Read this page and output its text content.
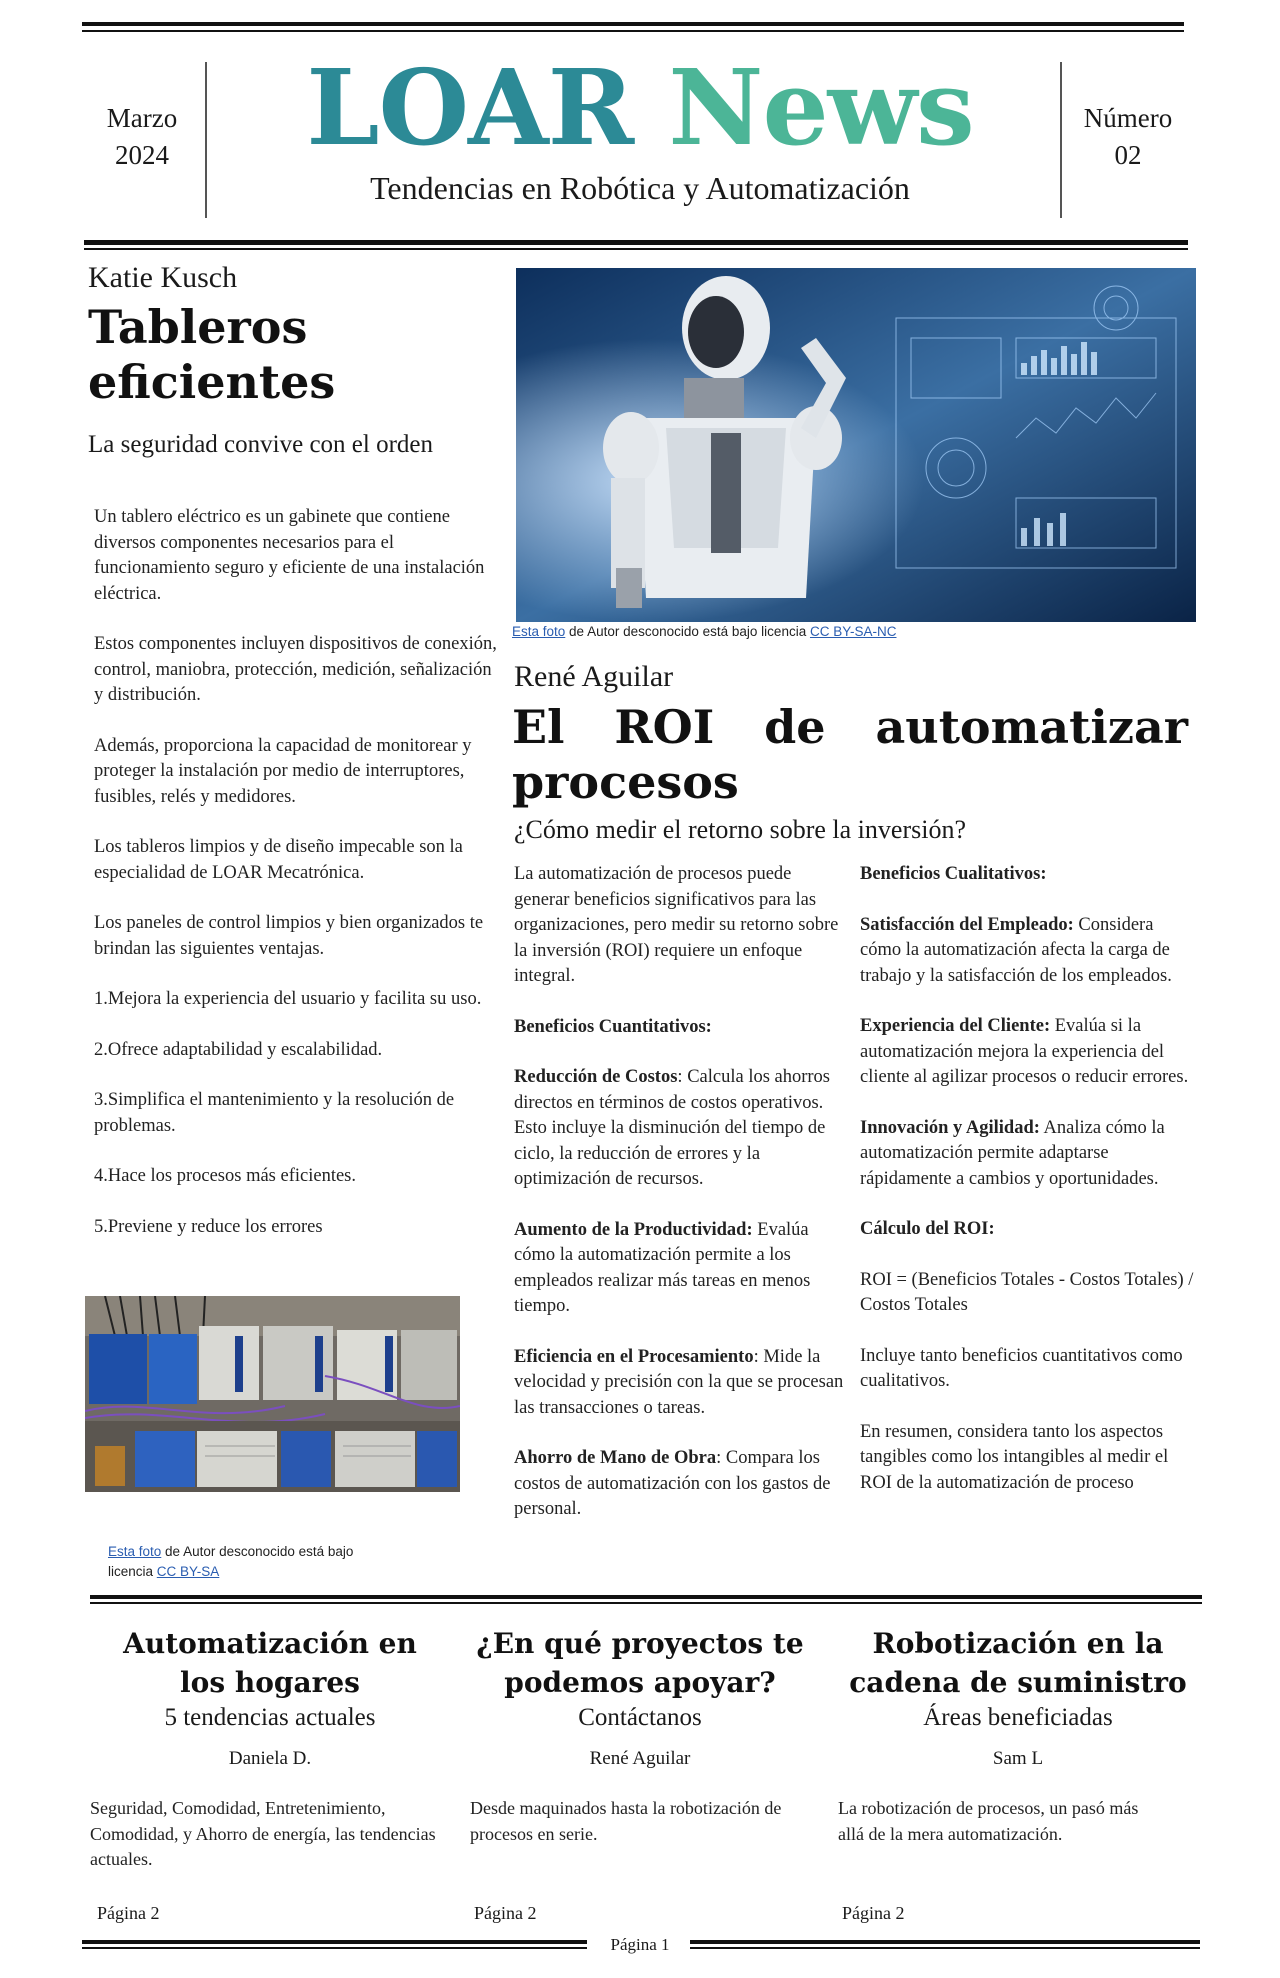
Marzo
2024	LOAR News
Tendencias en Robótica y Automatización
Número
02
Katie Kusch
Tableros
eficientes
La seguridad convive con el orden

Un tablero eléctrico es un gabinete que contiene diversos componentes necesarios para el funcionamiento seguro y eficiente de una instalación eléctrica.

Estos componentes incluyen dispositivos de conexión, control, maniobra, protección, medición, señalización y distribución.

Además, proporciona la capacidad de monitorear y proteger la instalación por medio de interruptores, fusibles, relés y medidores.

Los tableros limpios y de diseño impecable son la especialidad de LOAR Mecatrónica.

Los paneles de control limpios y bien organizados te brindan las siguientes ventajas.

1.Mejora la experiencia del usuario y facilita su uso.

2.Ofrece adaptabilidad y escalabilidad.

3.Simplifica el mantenimiento y la resolución de problemas.

4.Hace los procesos más eficientes.

5.Previene y reduce los errores

Esta foto de Autor desconocido está bajo licencia CC BY-SA
Esta foto de Autor desconocido está bajo licencia CC BY-SA-NC
René Aguilar
El ROI de automatizar
procesos
¿Cómo medir el retorno sobre la inversión?

La automatización de procesos puede generar beneficios significativos para las organizaciones, pero medir su retorno sobre la inversión (ROI) requiere un enfoque integral.

Beneficios Cuantitativos:

Reducción de Costos: Calcula los ahorros directos en términos de costos operativos. Esto incluye la disminución del tiempo de ciclo, la reducción de errores y la optimización de recursos.

Aumento de la Productividad: Evalúa cómo la automatización permite a los empleados realizar más tareas en menos tiempo.

Eficiencia en el Procesamiento: Mide la velocidad y precisión con la que se procesan las transacciones o tareas.

Ahorro de Mano de Obra: Compara los costos de automatización con los gastos de personal.

Beneficios Cualitativos:

Satisfacción del Empleado: Considera cómo la automatización afecta la carga de trabajo y la satisfacción de los empleados.

Experiencia del Cliente: Evalúa si la automatización mejora la experiencia del cliente al agilizar procesos o reducir errores.

Innovación y Agilidad: Analiza cómo la automatización permite adaptarse rápidamente a cambios y oportunidades.

Cálculo del ROI:

ROI = (Beneficios Totales - Costos Totales) / Costos Totales

Incluye tanto beneficios cuantitativos como cualitativos.

En resumen, considera tanto los aspectos tangibles como los intangibles al medir el ROI de la automatización de proceso

Automatización en
los hogares
5 tendencias actuales
Daniela D.
Seguridad, Comodidad, Entretenimiento, Comodidad, y Ahorro de energía, las tendencias actuales.
Página 2
¿En qué proyectos te
podemos apoyar?
Contáctanos
René Aguilar
Desde maquinados hasta la robotización de procesos en serie.
Página 2
Robotización en la
cadena de suministro
Áreas beneficiadas
Sam L
La robotización de procesos, un pasó más allá de la mera automatización.
Página 2
Página 1
